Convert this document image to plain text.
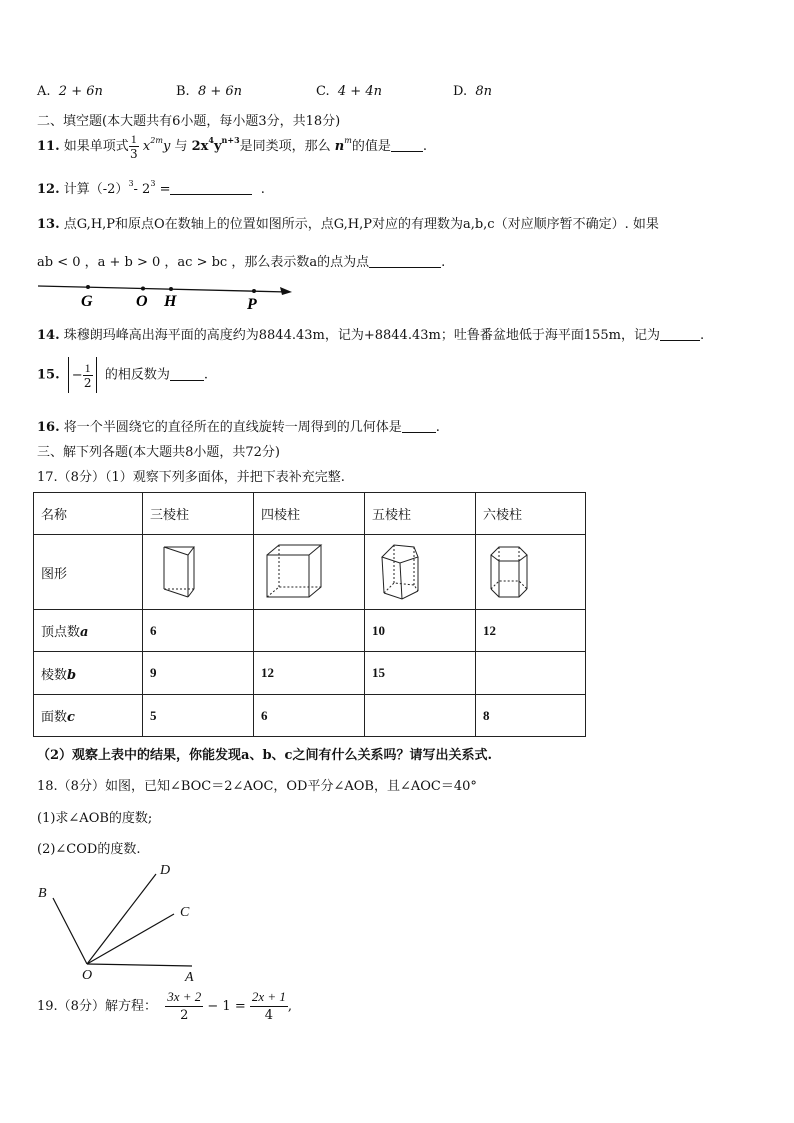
A. 2 + 6n	B. 8 + 6n	C. 4 + 4n	D. 8n
二、填空题(本大题共有6小题，每小题3分，共18分)
11. 如果单项式 $\frac{1}{3} x^{2m}y$ 与 $2x^4y^{n+3}$是同类项，那么 $n^m$的值是 .
12. 计算$(-2)^3-$ $2^3$ =	.
13. 点G,H,P和原点O在数轴上的位置如图所示，点G,H,P对应的有理数为a,b,c（对应顺序暂不确定）. 如果
ab < 0 ，a + b > 0 ，ac > bc ，那么表示数a的点为点	.
G	O H	P
14. 珠穆朗玛峰高出海平面的高度约为8844.43m，记为+8844.43m；吐鲁番盆地低于海平面155m，记为	.
15. − $\frac{1}{2}$ 的相反数为	.
16. 将一个半圆绕它的直径所在的直线旋转一周得到的几何体是	.
三、解下列各题(本大题共8小题，共72分)
17.（8分）（1）观察下列多面体，并把下表补充完整.
名称	三棱柱	四棱柱	五棱柱	六棱柱
图形				
顶点数a	6		10	12
棱数b	9	12	15	
面数c	5	6		8
（2）观察上表中的结果，你能发现a、b、c之间有什么关系吗？请写出关系式.
18.（8分）如图，已知∠BOC＝2∠AOC，OD平分∠AOB，且∠AOC＝40°
(1)求∠AOB的度数;
(2)∠COD的度数.
B
D
C
O	A
19.（8分）解方程： $\frac{3x + 2}{2} - 1 = \frac{2x + 1}{4}$ ,
